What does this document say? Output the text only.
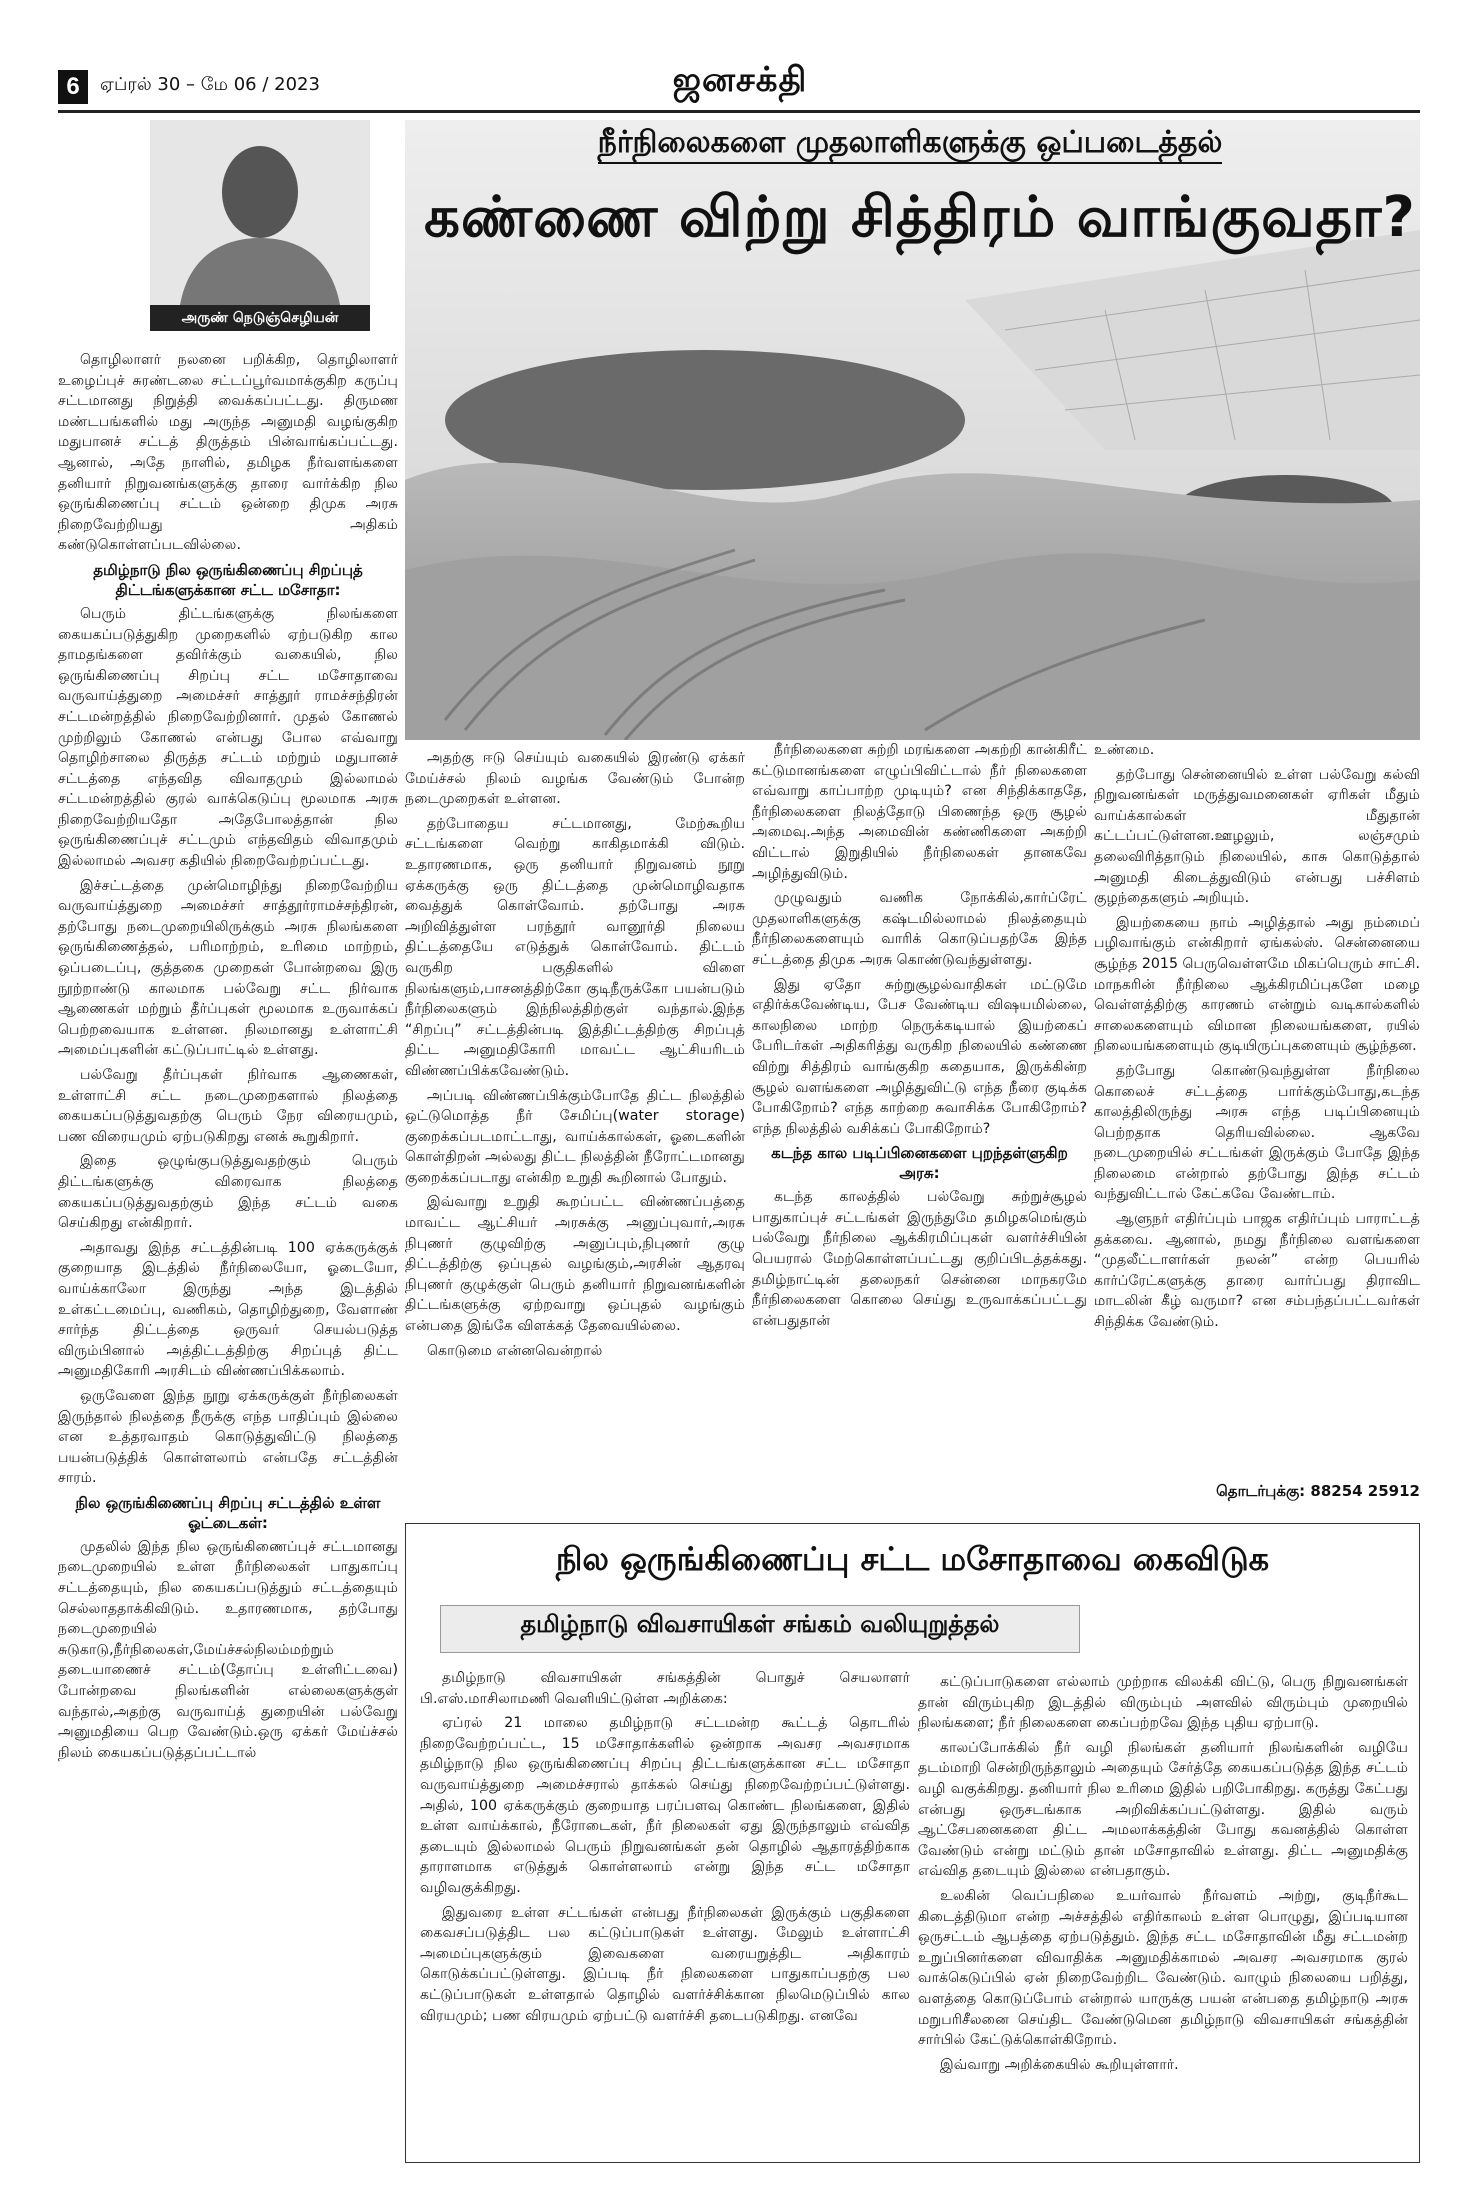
6	ஏப்ரல் 30 – மே 06 / 2023	ஜனசக்தி
அருண் நெடுஞ்செழியன்
நீர்நிலைகளை முதலாளிகளுக்கு ஒப்படைத்தல்
கண்ணை விற்று சித்திரம் வாங்குவதா?

தொழிலாளர் நலனை பறிக்கிற, தொழிலாளர் உழைப்புச் சுரண்டலை சட்டப்பூர்வமாக்குகிற கருப்பு சட்டமானது நிறுத்தி வைக்கப்பட்டது. திருமண மண்டபங்களில் மது அருந்த அனுமதி வழங்குகிற மதுபானச் சட்டத் திருத்தம் பின்வாங்கப்பட்டது. ஆனால், அதே நாளில், தமிழக நீர்வளங்களை தனியார் நிறுவனங்களுக்கு தாரை வார்க்கிற நில ஒருங்கிணைப்பு சட்டம் ஒன்றை திமுக அரசு நிறைவேற்றியது அதிகம் கண்டுகொள்ளப்படவில்லை.

தமிழ்நாடு நில ஒருங்கிணைப்பு சிறப்புத் திட்டங்களுக்கான சட்ட மசோதா:

பெரும் திட்டங்களுக்கு நிலங்களை கையகப்படுத்துகிற முறைகளில் ஏற்படுகிற கால தாமதங்களை தவிர்க்கும் வகையில், நில ஒருங்கிணைப்பு சிறப்பு சட்ட மசோதாவை வருவாய்த்துறை அமைச்சர் சாத்தூர் ராமச்சந்திரன் சட்டமன்றத்தில் நிறைவேற்றினார். முதல் கோணல் முற்றிலும் கோணல் என்பது போல எவ்வாறு தொழிற்சாலை திருத்த சட்டம் மற்றும் மதுபானச் சட்டத்தை எந்தவித விவாதமும் இல்லாமல் சட்டமன்றத்தில் குரல் வாக்கெடுப்பு மூலமாக அரசு நிறைவேற்றியதோ அதேபோலத்தான் நில ஒருங்கிணைப்புச் சட்டமும் எந்தவிதம் விவாதமும் இல்லாமல் அவசர கதியில் நிறைவேற்றப்பட்டது.

இச்சட்டத்தை முன்மொழிந்து நிறைவேற்றிய வருவாய்த்துறை அமைச்சர் சாத்தூர்ராமச்சந்திரன், தற்போது நடைமுறையிலிருக்கும் அரசு நிலங்களை ஒருங்கிணைத்தல், பரிமாற்றம், உரிமை மாற்றம், ஒப்படைப்பு, குத்தகை முறைகள் போன்றவை இரு நூற்றாண்டு காலமாக பல்வேறு சட்ட நிர்வாக ஆணைகள் மற்றும் தீர்ப்புகள் மூலமாக உருவாக்கப் பெற்றவையாக உள்ளன. நிலமானது உள்ளாட்சி அமைப்புகளின் கட்டுப்பாட்டில் உள்ளது.

பல்வேறு தீர்ப்புகள் நிர்வாக ஆணைகள், உள்ளாட்சி சட்ட நடைமுறைகளால் நிலத்தை கையகப்படுத்துவதற்கு பெரும் நேர விரையமும், பண விரையமும் ஏற்படுகிறது எனக் கூறுகிறார்.

இதை ஒழுங்குபடுத்துவதற்கும் பெரும் திட்டங்களுக்கு விரைவாக நிலத்தை கையகப்படுத்துவதற்கும் இந்த சட்டம் வகை செய்கிறது என்கிறார்.

அதாவது இந்த சட்டத்தின்படி 100 ஏக்கருக்குக் குறையாத இடத்தில் நீர்நிலையோ, ஓடையோ, வாய்க்காலோ இருந்து அந்த இடத்தில் உள்கட்டமைப்பு, வணிகம், தொழிற்துறை, வேளாண் சார்ந்த திட்டத்தை ஒருவர் செயல்படுத்த விரும்பினால் அத்திட்டத்திற்கு சிறப்புத் திட்ட அனுமதிகோரி அரசிடம் விண்ணப்பிக்கலாம்.

ஒருவேளை இந்த நூறு ஏக்கருக்குள் நீர்நிலைகள் இருந்தால் நிலத்தை நீருக்கு எந்த பாதிப்பும் இல்லை என உத்தரவாதம் கொடுத்துவிட்டு நிலத்தை பயன்படுத்திக் கொள்ளலாம் என்பதே சட்டத்தின் சாரம்.

நில ஒருங்கிணைப்பு சிறப்பு சட்டத்தில் உள்ள ஓட்டைகள்:

முதலில் இந்த நில ஒருங்கிணைப்புச் சட்டமானது நடைமுறையில் உள்ள நீர்நிலைகள் பாதுகாப்பு சட்டத்தையும், நில கையகப்படுத்தும் சட்டத்தையும் செல்லாததாக்கிவிடும். உதாரணமாக, தற்போது நடைமுறையில் சுடுகாடு,நீர்நிலைகள்,மேய்ச்சல்நிலம்மற்றும் தடையாணைச் சட்டம்(தோப்பு உள்ளிட்டவை) போன்றவை நிலங்களின் எல்லைகளுக்குள் வந்தால்,அதற்கு வருவாய்த் துறையின் பல்வேறு அனுமதியை பெற வேண்டும்.ஒரு ஏக்கர் மேய்ச்சல் நிலம் கையகப்படுத்தப்பட்டால்

அதற்கு ஈடு செய்யும் வகையில் இரண்டு ஏக்கர் மேய்ச்சல் நிலம் வழங்க வேண்டும் போன்ற நடைமுறைகள் உள்ளன.

தற்போதைய சட்டமானது, மேற்கூறிய சட்டங்களை வெற்று காகிதமாக்கி விடும். உதாரணமாக, ஒரு தனியார் நிறுவனம் நூறு ஏக்கருக்கு ஒரு திட்டத்தை முன்மொழிவதாக வைத்துக் கொள்வோம். தற்போது அரசு அறிவித்துள்ள பரந்தூர் வானூர்தி நிலைய திட்டத்தையே எடுத்துக் கொள்வோம். திட்டம் வருகிற பகுதிகளில் விளை நிலங்களும்,பாசனத்திற்கோ குடிநீருக்கோ பயன்படும் நீர்நிலைகளும் இந்நிலத்திற்குள் வந்தால்.இந்த “சிறப்பு” சட்டத்தின்படி இத்திட்டத்திற்கு சிறப்புத் திட்ட அனுமதிகோரி மாவட்ட ஆட்சியரிடம் விண்ணப்பிக்கவேண்டும்.

அப்படி விண்ணப்பிக்கும்போதே திட்ட நிலத்தில் ஒட்டுமொத்த நீர் சேமிப்பு(water storage) குறைக்கப்படமாட்டாது, வாய்க்கால்கள், ஓடைகளின் கொள்திறன் அல்லது திட்ட நிலத்தின் நீரோட்டமானது குறைக்கப்படாது என்கிற உறுதி கூறினால் போதும்.

இவ்வாறு உறுதி கூறப்பட்ட விண்ணப்பத்தை மாவட்ட ஆட்சியர் அரசுக்கு அனுப்புவார்,அரசு நிபுணர் குழுவிற்கு அனுப்பும்,நிபுணர் குழு திட்டத்திற்கு ஒப்புதல் வழங்கும்,அரசின் ஆதரவு நிபுணர் குழுக்குள் பெரும் தனியார் நிறுவனங்களின் திட்டங்களுக்கு ஏற்றவாறு ஒப்புதல் வழங்கும் என்பதை இங்கே விளக்கத் தேவையில்லை.

கொடுமை என்னவென்றால்

நீர்நிலைகளை சுற்றி மரங்களை அகற்றி கான்கிரீட் கட்டுமானங்களை எழுப்பிவிட்டால் நீர் நிலைகளை எவ்வாறு காப்பாற்ற முடியும்? என சிந்திக்காததே, நீர்நிலைகளை நிலத்தோடு பிணைந்த ஒரு சூழல் அமைவு.அந்த அமைவின் கண்ணிகளை அகற்றி விட்டால் இறுதியில் நீர்நிலைகள் தானகவே அழிந்துவிடும்.

முழுவதும் வணிக நோக்கில்,கார்ப்ரேட் முதலாளிகளுக்கு கஷ்டமில்லாமல் நிலத்தையும் நீர்நிலைகளையும் வாரிக் கொடுப்பதற்கே இந்த சட்டத்தை திமுக அரசு கொண்டுவந்துள்ளது.

இது ஏதோ சுற்றுசூழல்வாதிகள் மட்டுமே எதிர்க்கவேண்டிய, பேச வேண்டிய விஷயமில்லை, காலநிலை மாற்ற நெருக்கடியால் இயற்கைப் பேரிடர்கள் அதிகரித்து வருகிற நிலையில் கண்ணை விற்று சித்திரம் வாங்குகிற கதையாக, இருக்கின்ற சூழல் வளங்களை அழித்துவிட்டு எந்த நீரை குடிக்க போகிறோம்? எந்த காற்றை சுவாசிக்க போகிறோம்? எந்த நிலத்தில் வசிக்கப் போகிறோம்?

கடந்த கால படிப்பினைகளை புறந்தள்ளுகிற அரசு:

கடந்த காலத்தில் பல்வேறு சுற்றுச்சூழல் பாதுகாப்புச் சட்டங்கள் இருந்துமே தமிழகமெங்கும் பல்வேறு நீர்நிலை ஆக்கிரமிப்புகள் வளர்ச்சியின் பெயரால் மேற்கொள்ளப்பட்டது குறிப்பிடத்தக்கது. தமிழ்நாட்டின் தலைநகர் சென்னை மாநகரமே நீர்நிலைகளை கொலை செய்து உருவாக்கப்பட்டது என்பதுதான்

உண்மை.

தற்போது சென்னையில் உள்ள பல்வேறு கல்வி நிறுவனங்கள் மருத்துவமனைகள் ஏரிகள் மீதும் வாய்க்கால்கள் மீதுதான் கட்டப்பட்டுள்ளன.ஊழலும், லஞ்சமும் தலைவிரித்தாடும் நிலையில், காசு கொடுத்தால் அனுமதி கிடைத்துவிடும் என்பது பச்சிளம் குழந்தைகளும் அறியும்.

இயற்கையை நாம் அழித்தால் அது நம்மைப் பழிவாங்கும் என்கிறார் ஏங்கல்ஸ். சென்னையை சூழ்ந்த 2015 பெருவெள்ளமே மிகப்பெரும் சாட்சி. மாநகரின் நீர்நிலை ஆக்கிரமிப்புகளே மழை வெள்ளத்திற்கு காரணம் என்றும் வடிகால்களில் சாலைகளையும் விமான நிலையங்களை, ரயில் நிலையங்களையும் குடியிருப்புகளையும் சூழ்ந்தன.

தற்போது கொண்டுவந்துள்ள நீர்நிலை கொலைச் சட்டத்தை பார்க்கும்போது,கடந்த காலத்திலிருந்து அரசு எந்த படிப்பினையும் பெற்றதாக தெரியவில்லை. ஆகவே நடைமுறையில் சட்டங்கள் இருக்கும் போதே இந்த நிலைமை என்றால் தற்போது இந்த சட்டம் வந்துவிட்டால் கேட்கவே வேண்டாம்.

ஆளுநர் எதிர்ப்பும் பாஜக எதிர்ப்பும் பாராட்டத் தக்கவை. ஆனால், நமது நீர்நிலை வளங்களை “முதலீட்டாளர்கள் நலன்” என்ற பெயரில் கார்ப்ரேட்களுக்கு தாரை வார்ப்பது திராவிட மாடலின் கீழ் வருமா? என சம்பந்தப்பட்டவர்கள் சிந்திக்க வேண்டும்.

தொடர்புக்கு: 88254 25912
நில ஒருங்கிணைப்பு சட்ட மசோதாவை கைவிடுக
தமிழ்நாடு விவசாயிகள் சங்கம் வலியுறுத்தல்

தமிழ்நாடு விவசாயிகள் சங்கத்தின் பொதுச் செயலாளர் பி.எஸ்.மாசிலாமணி வெளியிட்டுள்ள அறிக்கை:

ஏப்ரல் 21 மாலை தமிழ்நாடு சட்டமன்ற கூட்டத் தொடரில் நிறைவேற்றப்பட்ட, 15 மசோதாக்களில் ஒன்றாக அவசர அவசரமாக தமிழ்நாடு நில ஒருங்கிணைப்பு சிறப்பு திட்டங்களுக்கான சட்ட மசோதா வருவாய்த்துறை அமைச்சரால் தாக்கல் செய்து நிறைவேற்றப்பட்டுள்ளது. அதில், 100 ஏக்கருக்கும் குறையாத பரப்பளவு கொண்ட நிலங்களை, இதில் உள்ள வாய்க்கால், நீரோடைகள், நீர் நிலைகள் ஏது இருந்தாலும் எவ்வித தடையும் இல்லாமல் பெரும் நிறுவனங்கள் தன் தொழில் ஆதாரத்திற்காக தாராளமாக எடுத்துக் கொள்ளலாம் என்று இந்த சட்ட மசோதா வழிவகுக்கிறது.

இதுவரை உள்ள சட்டங்கள் என்பது நீர்நிலைகள் இருக்கும் பகுதிகளை கைவசப்படுத்திட பல கட்டுப்பாடுகள் உள்ளது. மேலும் உள்ளாட்சி அமைப்புகளுக்கும் இவைகளை வரையறுத்திட அதிகாரம் கொடுக்கப்பட்டுள்ளது. இப்படி நீர் நிலைகளை பாதுகாப்பதற்கு பல கட்டுப்பாடுகள் உள்ளதால் தொழில் வளர்ச்சிக்கான நிலமெடுப்பில் கால விரயமும்; பண விரயமும் ஏற்பட்டு வளர்ச்சி தடைபடுகிறது. எனவே

கட்டுப்பாடுகளை எல்லாம் முற்றாக விலக்கி விட்டு, பெரு நிறுவனங்கள் தான் விரும்புகிற இடத்தில் விரும்பும் அளவில் விரும்பும் முறையில் நிலங்களை; நீர் நிலைகளை கைப்பற்றவே இந்த புதிய ஏற்பாடு.

காலப்போக்கில் நீர் வழி நிலங்கள் தனியார் நிலங்களின் வழியே தடம்மாறி சென்றிருந்தாலும் அதையும் சேர்த்தே கையகப்படுத்த இந்த சட்டம் வழி வகுக்கிறது. தனியார் நில உரிமை இதில் பறிபோகிறது. கருத்து கேட்பது என்பது ஒருசடங்காக அறிவிக்கப்பட்டுள்ளது. இதில் வரும் ஆட்சேபனைகளை திட்ட அமலாக்கத்தின் போது கவனத்தில் கொள்ள வேண்டும் என்று மட்டும் தான் மசோதாவில் உள்ளது. திட்ட அனுமதிக்கு எவ்வித தடையும் இல்லை என்பதாகும்.

உலகின் வெப்பநிலை உயர்வால் நீர்வளம் அற்று, குடிநீர்கூட கிடைத்திடுமா என்ற அச்சத்தில் எதிர்காலம் உள்ள பொழுது, இப்படியான ஒருசட்டம் ஆபத்தை ஏற்படுத்தும். இந்த சட்ட மசோதாவின் மீது சட்டமன்ற உறுப்பினர்களை விவாதிக்க அனுமதிக்காமல் அவசர அவசரமாக குரல் வாக்கெடுப்பில் ஏன் நிறைவேற்றிட வேண்டும். வாழும் நிலையை பறித்து, வளத்தை கொடுப்போம் என்றால் யாருக்கு பயன் என்பதை தமிழ்நாடு அரசு மறுபரிசீலனை செய்திட வேண்டுமென தமிழ்நாடு விவசாயிகள் சங்கத்தின் சார்பில் கேட்டுக்கொள்கிறோம்.

இவ்வாறு அறிக்கையில் கூறியுள்ளார்.
